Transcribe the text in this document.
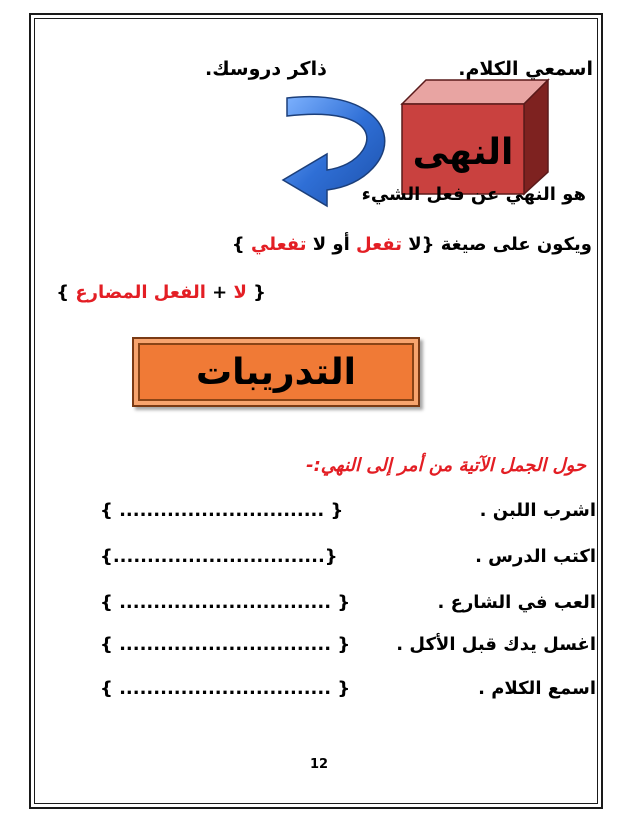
ذاكر دروسك.	اسمعي الكلام.
النهى
هو النهي عن فعل الشيء
ويكون على صيغة {لا تفعل أو لا تفعلي }
{ لا + الفعل المضارع }
التدريبات
حول الجمل الآتية من أمر إلى النهي:-
اشرب اللبن .
{ .............................. }
اكتب الدرس .
{...............................}
العب في الشارع .
{ ............................... }
اغسل يدك قبل الأكل .
{ ............................... }
اسمع الكلام .
{ ............................... }
12
